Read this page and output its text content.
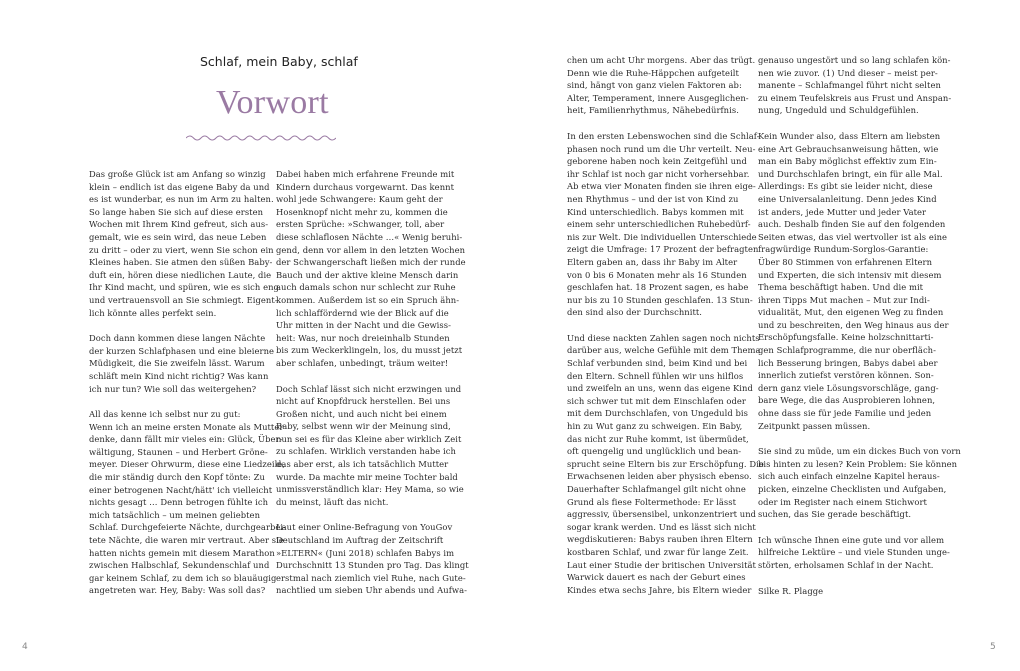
Schlaf, mein Baby, schlaf
Vorwort

Das große Glück ist am Anfang so winzig
klein – endlich ist das eigene Baby da und
es ist wunderbar, es nun im Arm zu halten.
So lange haben Sie sich auf diese ersten
Wochen mit Ihrem Kind gefreut, sich aus-
gemalt, wie es sein wird, das neue Leben
zu dritt – oder zu viert, wenn Sie schon ein
Kleines haben. Sie atmen den süßen Baby-
duft ein, hören diese niedlichen Laute, die
Ihr Kind macht, und spüren, wie es sich eng
und vertrauensvoll an Sie schmiegt. Eigent-
lich könnte alles perfekt sein.

Doch dann kommen diese langen Nächte
der kurzen Schlafphasen und eine bleierne
Müdigkeit, die Sie zweifeln lässt. Warum
schläft mein Kind nicht richtig? Was kann
ich nur tun? Wie soll das weitergehen?

All das kenne ich selbst nur zu gut:
Wenn ich an meine ersten Monate als Mutter
denke, dann fällt mir vieles ein: Glück, Über-
wältigung, Staunen – und Herbert Gröne-
meyer. Dieser Ohrwurm, diese eine Liedzeile,
die mir ständig durch den Kopf tönte: Zu
einer betrogenen Nacht/hätt' ich vielleicht
nichts gesagt … Denn betrogen fühlte ich
mich tatsächlich – um meinen geliebten
Schlaf. Durchgefeierte Nächte, durchgearbei-
tete Nächte, die waren mir vertraut. Aber sie
hatten nichts gemein mit diesem Marathon
zwischen Halbschlaf, Sekundenschlaf und
gar keinem Schlaf, zu dem ich so blauäugig
angetreten war. Hey, Baby: Was soll das?

Dabei haben mich erfahrene Freunde mit
Kindern durchaus vorgewarnt. Das kennt
wohl jede Schwangere: Kaum geht der
Hosenknopf nicht mehr zu, kommen die
ersten Sprüche: »Schwanger, toll, aber
diese schlaflosen Nächte …« Wenig beruhi-
gend, denn vor allem in den letzten Wochen
der Schwangerschaft ließen mich der runde
Bauch und der aktive kleine Mensch darin
auch damals schon nur schlecht zur Ruhe
kommen. Außerdem ist so ein Spruch ähn-
lich schlaffördernd wie der Blick auf die
Uhr mitten in der Nacht und die Gewiss-
heit: Was, nur noch dreieinhalb Stunden
bis zum Weckerklingeln, los, du musst jetzt
aber schlafen, unbedingt, träum weiter!

Doch Schlaf lässt sich nicht erzwingen und
nicht auf Knopfdruck herstellen. Bei uns
Großen nicht, und auch nicht bei einem
Baby, selbst wenn wir der Meinung sind,
nun sei es für das Kleine aber wirklich Zeit
zu schlafen. Wirklich verstanden habe ich
das aber erst, als ich tatsächlich Mutter
wurde. Da machte mir meine Tochter bald
unmissverständlich klar: Hey Mama, so wie
du meinst, läuft das nicht.

Laut einer Online-Befragung von YouGov
Deutschland im Auftrag der Zeitschrift
»ELTERN« (Juni 2018) schlafen Babys im
Durchschnitt 13 Stunden pro Tag. Das klingt
erstmal nach ziemlich viel Ruhe, nach Gute-
nachtlied um sieben Uhr abends und Aufwa-

chen um acht Uhr morgens. Aber das trügt.
Denn wie die Ruhe-Häppchen aufgeteilt
sind, hängt von ganz vielen Faktoren ab:
Alter, Temperament, innere Ausgeglichen-
heit, Familienrhythmus, Nähebedürfnis.

In den ersten Lebenswochen sind die Schlaf-
phasen noch rund um die Uhr verteilt. Neu-
geborene haben noch kein Zeitgefühl und
ihr Schlaf ist noch gar nicht vorhersehbar.
Ab etwa vier Monaten finden sie ihren eige-
nen Rhythmus – und der ist von Kind zu
Kind unterschiedlich. Babys kommen mit
einem sehr unterschiedlichen Ruhebedürf-
nis zur Welt. Die individuellen Unterschiede
zeigt die Umfrage: 17 Prozent der befragten
Eltern gaben an, dass ihr Baby im Alter
von 0 bis 6 Monaten mehr als 16 Stunden
geschlafen hat. 18 Prozent sagen, es habe
nur bis zu 10 Stunden geschlafen. 13 Stun-
den sind also der Durchschnitt.

Und diese nackten Zahlen sagen noch nichts
darüber aus, welche Gefühle mit dem Thema
Schlaf verbunden sind, beim Kind und bei
den Eltern. Schnell fühlen wir uns hilflos
und zweifeln an uns, wenn das eigene Kind
sich schwer tut mit dem Einschlafen oder
mit dem Durchschlafen, von Ungeduld bis
hin zu Wut ganz zu schweigen. Ein Baby,
das nicht zur Ruhe kommt, ist übermüdet,
oft quengelig und unglücklich und bean-
sprucht seine Eltern bis zur Erschöpfung. Die
Erwachsenen leiden aber physisch ebenso.
Dauerhafter Schlafmangel gilt nicht ohne
Grund als fiese Foltermethode: Er lässt
aggressiv, übersensibel, unkonzentriert und
sogar krank werden. Und es lässt sich nicht
wegdiskutieren: Babys rauben ihren Eltern
kostbaren Schlaf, und zwar für lange Zeit.
Laut einer Studie der britischen Universität
Warwick dauert es nach der Geburt eines
Kindes etwa sechs Jahre, bis Eltern wieder

genauso ungestört und so lang schlafen kön-
nen wie zuvor. (1) Und dieser – meist per-
manente – Schlafmangel führt nicht selten
zu einem Teufelskreis aus Frust und Anspan-
nung, Ungeduld und Schuldgefühlen.

Kein Wunder also, dass Eltern am liebsten
eine Art Gebrauchsanweisung hätten, wie
man ein Baby möglichst effektiv zum Ein-
und Durchschlafen bringt, ein für alle Mal.
Allerdings: Es gibt sie leider nicht, diese
eine Universalanleitung. Denn jedes Kind
ist anders, jede Mutter und jeder Vater
auch. Deshalb finden Sie auf den folgenden
Seiten etwas, das viel wertvoller ist als eine
fragwürdige Rundum-Sorglos-Garantie:
Über 80 Stimmen von erfahrenen Eltern
und Experten, die sich intensiv mit diesem
Thema beschäftigt haben. Und die mit
ihren Tipps Mut machen – Mut zur Indi-
vidualität, Mut, den eigenen Weg zu finden
und zu beschreiten, den Weg hinaus aus der
Erschöpfungsfalle. Keine holzschnittarti-
gen Schlafprogramme, die nur oberfläch-
lich Besserung bringen, Babys dabei aber
innerlich zutiefst verstören können. Son-
dern ganz viele Lösungsvorschläge, gang-
bare Wege, die das Ausprobieren lohnen,
ohne dass sie für jede Familie und jeden
Zeitpunkt passen müssen.

Sie sind zu müde, um ein dickes Buch von vorn
bis hinten zu lesen? Kein Problem: Sie können
sich auch einfach einzelne Kapitel heraus-
picken, einzelne Checklisten und Aufgaben,
oder im Register nach einem Stichwort
suchen, das Sie gerade beschäftigt.

Ich wünsche Ihnen eine gute und vor allem
hilfreiche Lektüre – und viele Stunden unge-
störten, erholsamen Schlaf in der Nacht.

Silke R. Plagge

4	5
